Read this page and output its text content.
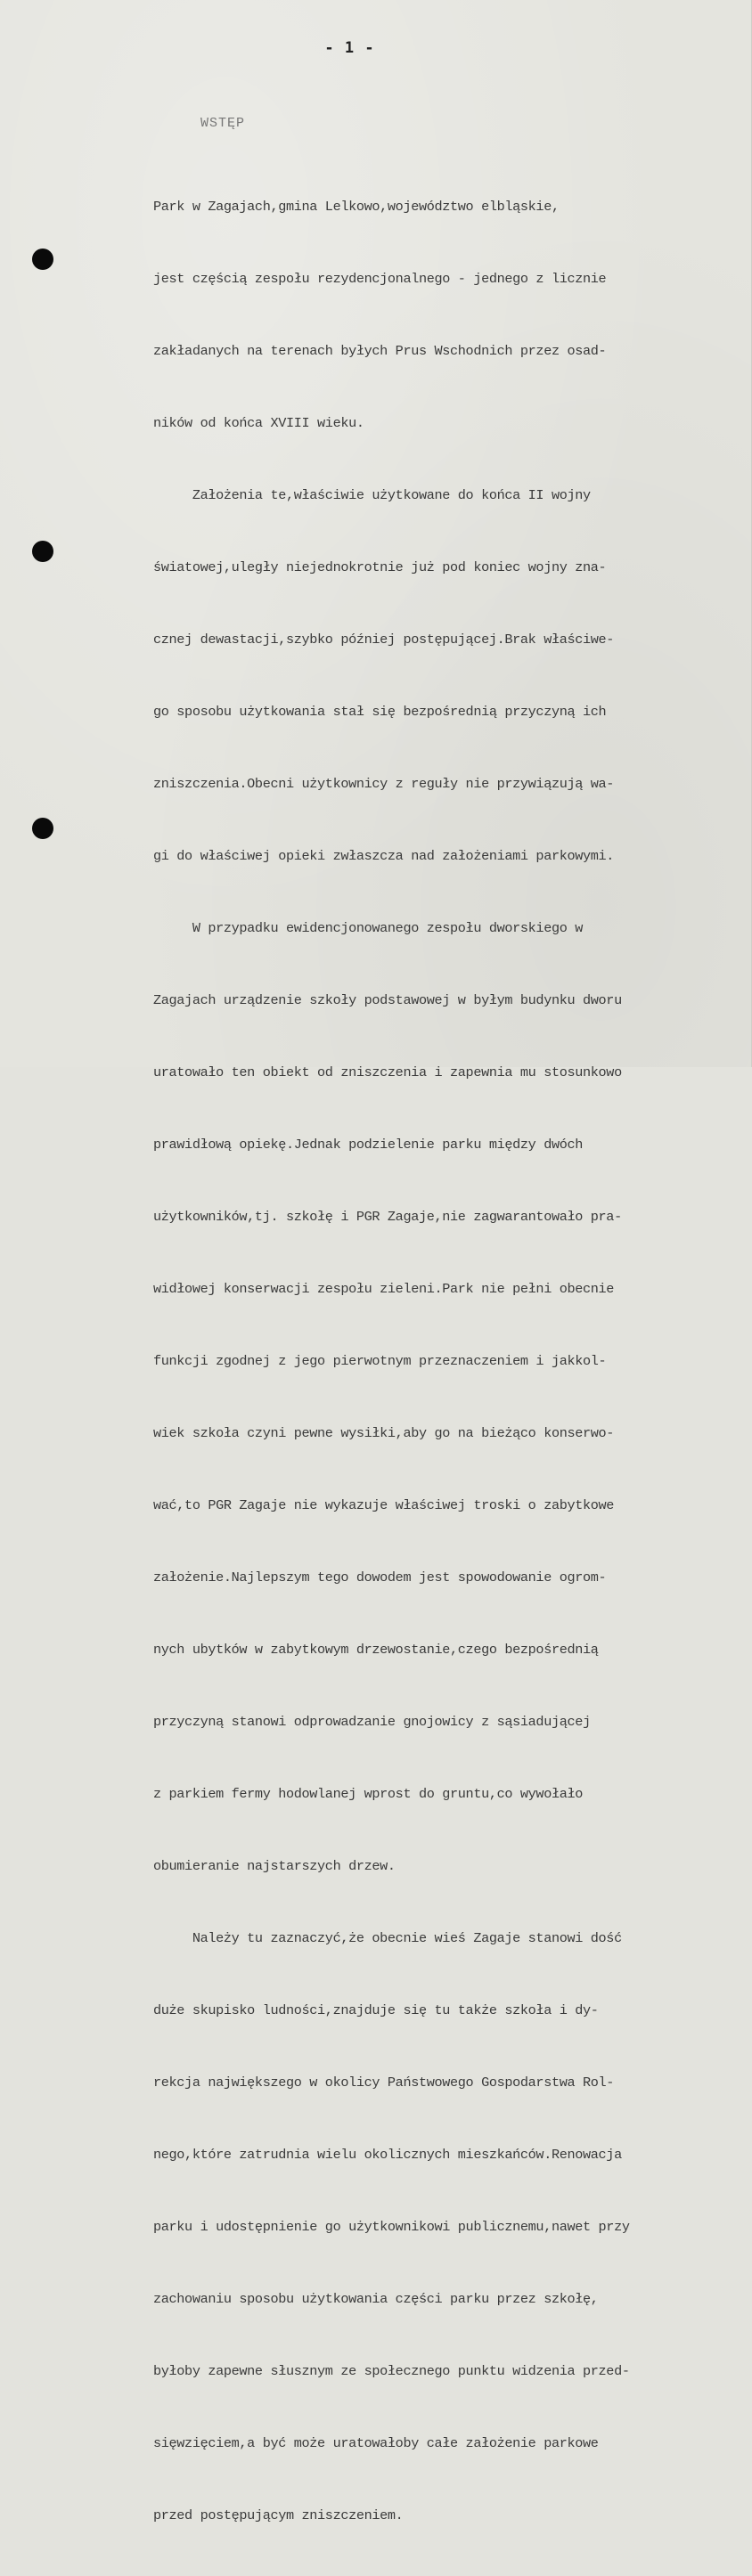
- 1 -
WSTĘP

Park w Zagajach,gmina Lelkowo,województwo elbląskie,

jest częścią zespołu rezydencjonalnego - jednego z licznie

zakładanych na terenach byłych Prus Wschodnich przez osad-

ników od końca XVIII wieku.

Założenia te,właściwie użytkowane do końca II wojny

światowej,uległy niejednokrotnie już pod koniec wojny zna-

cznej dewastacji,szybko później postępującej.Brak właściwe-

go sposobu użytkowania stał się bezpośrednią przyczyną ich

zniszczenia.Obecni użytkownicy z reguły nie przywiązują wa-

gi do właściwej opieki zwłaszcza nad założeniami parkowymi.

W przypadku ewidencjonowanego zespołu dworskiego w

Zagajach urządzenie szkoły podstawowej w byłym budynku dworu

uratowało ten obiekt od zniszczenia i zapewnia mu stosunkowo

prawidłową opiekę.Jednak podzielenie parku między dwóch

użytkowników,tj. szkołę i PGR Zagaje,nie zagwarantowało pra-

widłowej konserwacji zespołu zieleni.Park nie pełni obecnie

funkcji zgodnej z jego pierwotnym przeznaczeniem i jakkol-

wiek szkoła czyni pewne wysiłki,aby go na bieżąco konserwo-

wać,to PGR Zagaje nie wykazuje właściwej troski o zabytkowe

założenie.Najlepszym tego dowodem jest spowodowanie ogrom-

nych ubytków w zabytkowym drzewostanie,czego bezpośrednią

przyczyną stanowi odprowadzanie gnojowicy z sąsiadującej

z parkiem fermy hodowlanej wprost do gruntu,co wywołało

obumieranie najstarszych drzew.

Należy tu zaznaczyć,że obecnie wieś Zagaje stanowi dość

duże skupisko ludności,znajduje się tu także szkoła i dy-

rekcja największego w okolicy Państwowego Gospodarstwa Rol-

nego,które zatrudnia wielu okolicznych mieszkańców.Renowacja

parku i udostępnienie go użytkownikowi publicznemu,nawet przy

zachowaniu sposobu użytkowania części parku przez szkołę,

byłoby zapewne słusznym ze społecznego punktu widzenia przed-

sięwzięciem,a być może uratowałoby całe założenie parkowe

przed postępującym zniszczeniem.
